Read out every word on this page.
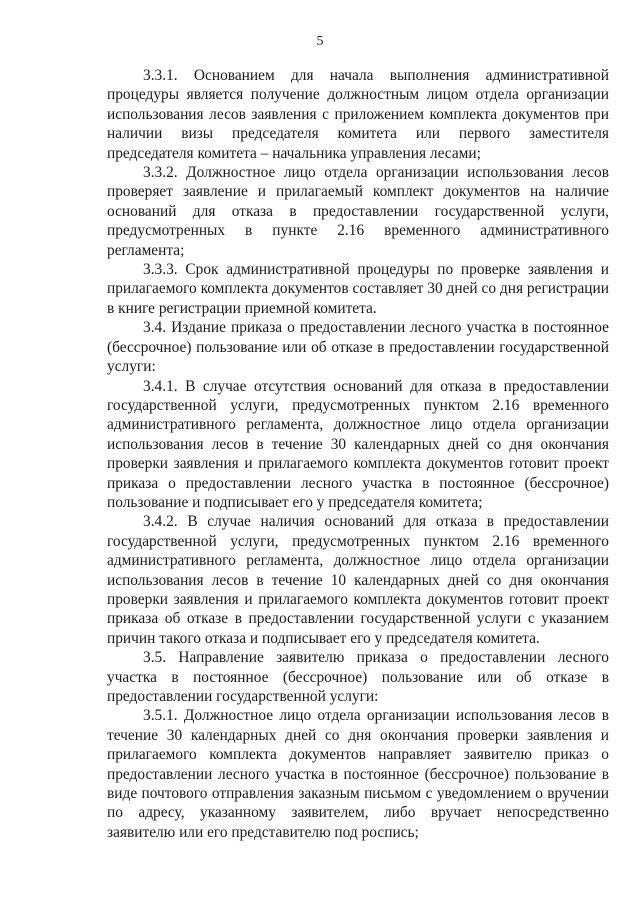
5

3.3.1. Основанием для начала выполнения административной процедуры является получение должностным лицом отдела организации использования лесов заявления с приложением комплекта документов при наличии визы председателя комитета или первого заместителя председателя комитета – начальника управления лесами;

3.3.2. Должностное лицо отдела организации использования лесов проверяет заявление и прилагаемый комплект документов на наличие оснований для отказа в предоставлении государственной услуги, предусмотренных в пункте 2.16 временного административного регламента;

3.3.3. Срок административной процедуры по проверке заявления и прилагаемого комплекта документов составляет 30 дней со дня регистрации в книге регистрации приемной комитета.

3.4. Издание приказа о предоставлении лесного участка в постоянное (бессрочное) пользование или об отказе в предоставлении государственной услуги:

3.4.1. В случае отсутствия оснований для отказа в предоставлении государственной услуги, предусмотренных пунктом 2.16 временного административного регламента, должностное лицо отдела организации использования лесов в течение 30 календарных дней со дня окончания проверки заявления и прилагаемого комплекта документов готовит проект приказа о предоставлении лесного участка в постоянное (бессрочное) пользование и подписывает его у председателя комитета;

3.4.2. В случае наличия оснований для отказа в предоставлении государственной услуги, предусмотренных пунктом 2.16 временного административного регламента, должностное лицо отдела организации использования лесов в течение 10 календарных дней со дня окончания проверки заявления и прилагаемого комплекта документов готовит проект приказа об отказе в предоставлении государственной услуги с указанием причин такого отказа и подписывает его у председателя комитета.

3.5. Направление заявителю приказа о предоставлении лесного участка в постоянное (бессрочное) пользование или об отказе в предоставлении государственной услуги:

3.5.1. Должностное лицо отдела организации использования лесов в течение 30 календарных дней со дня окончания проверки заявления и прилагаемого комплекта документов направляет заявителю приказ о предоставлении лесного участка в постоянное (бессрочное) пользование в виде почтового отправления заказным письмом с уведомлением о вручении по адресу, указанному заявителем, либо вручает непосредственно заявителю или его представителю под роспись;
